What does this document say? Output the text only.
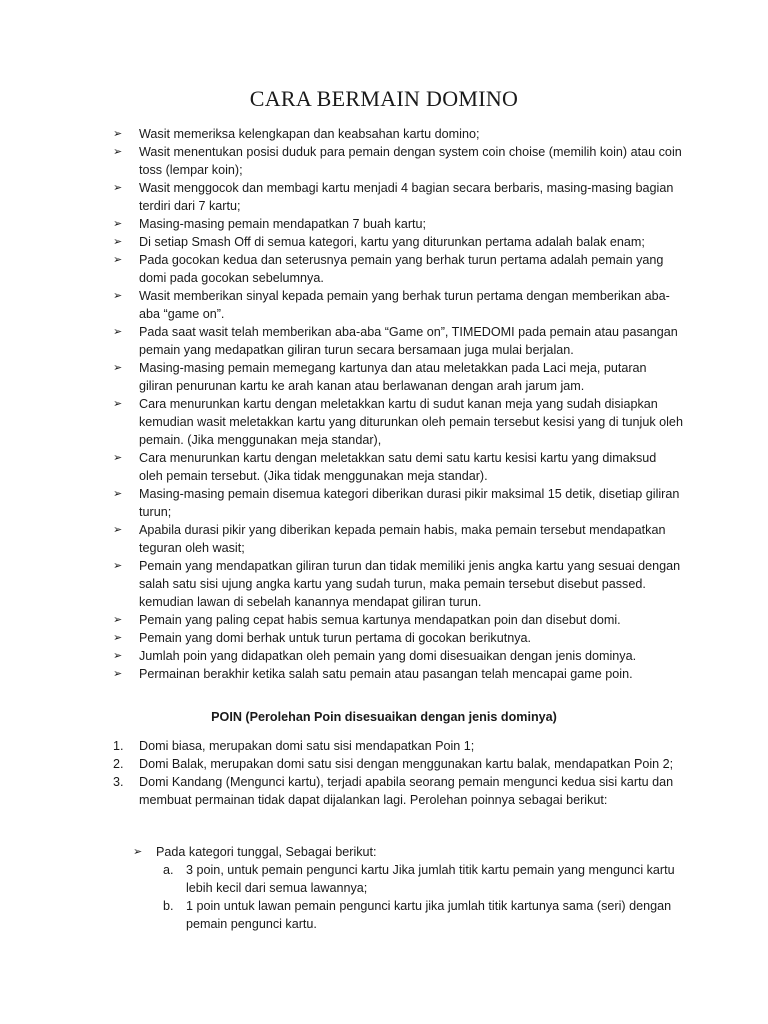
CARA BERMAIN DOMINO
➢ Wasit memeriksa kelengkapan dan keabsahan kartu domino;
➢ Wasit menentukan posisi duduk para pemain dengan system coin choise (memilih koin) atau coin toss (lempar koin);
➢ Wasit menggocok dan membagi kartu menjadi 4 bagian secara berbaris, masing-masing bagian terdiri dari 7 kartu;
➢ Masing-masing pemain mendapatkan 7 buah kartu;
➢ Di setiap Smash Off di semua kategori, kartu yang diturunkan pertama adalah balak enam;
➢ Pada gocokan kedua dan seterusnya pemain yang berhak turun pertama adalah pemain yang domi pada gocokan sebelumnya.
➢ Wasit memberikan sinyal kepada pemain yang berhak turun pertama dengan memberikan aba-aba “game on”.
➢ Pada saat wasit telah memberikan aba-aba “Game on”, TIMEDOMI pada pemain atau pasangan pemain yang medapatkan giliran turun secara bersamaan juga mulai berjalan.
➢ Masing-masing pemain memegang kartunya dan atau meletakkan pada Laci meja, putaran giliran penurunan kartu ke arah kanan atau berlawanan dengan arah jarum jam.
➢ Cara menurunkan kartu dengan meletakkan kartu di sudut kanan meja yang sudah disiapkan kemudian wasit meletakkan kartu yang diturunkan oleh pemain tersebut kesisi yang di tunjuk oleh pemain. (Jika menggunakan meja standar),
➢ Cara menurunkan kartu dengan meletakkan satu demi satu kartu kesisi kartu yang dimaksud oleh pemain tersebut. (Jika tidak menggunakan meja standar).
➢ Masing-masing pemain disemua kategori diberikan durasi pikir maksimal 15 detik, disetiap giliran turun;
➢ Apabila durasi pikir yang diberikan kepada pemain habis, maka pemain tersebut mendapatkan teguran oleh wasit;
➢ Pemain yang mendapatkan giliran turun dan tidak memiliki jenis angka kartu yang sesuai dengan salah satu sisi ujung angka kartu yang sudah turun, maka pemain tersebut disebut passed. kemudian lawan di sebelah kanannya mendapat giliran turun.
➢ Pemain yang paling cepat habis semua kartunya mendapatkan poin dan disebut domi.
➢ Pemain yang domi berhak untuk turun pertama di gocokan berikutnya.
➢ Jumlah poin yang didapatkan oleh pemain yang domi disesuaikan dengan jenis dominya.
➢ Permainan berakhir ketika salah satu pemain atau pasangan telah mencapai game poin.

POIN (Perolehan Poin disesuaikan dengan jenis dominya)

1. Domi biasa, merupakan domi satu sisi mendapatkan Poin 1;
2. Domi Balak, merupakan domi satu sisi dengan menggunakan kartu balak, mendapatkan Poin 2;
3. Domi Kandang (Mengunci kartu), terjadi apabila seorang pemain mengunci kedua sisi kartu dan membuat permainan tidak dapat dijalankan lagi. Perolehan poinnya sebagai berikut:
➢ Pada kategori tunggal, Sebagai berikut:
a. 3 poin, untuk pemain pengunci kartu Jika jumlah titik kartu pemain yang mengunci kartu lebih kecil dari semua lawannya;
b. 1 poin untuk lawan pemain pengunci kartu jika jumlah titik kartunya sama (seri) dengan pemain pengunci kartu.
